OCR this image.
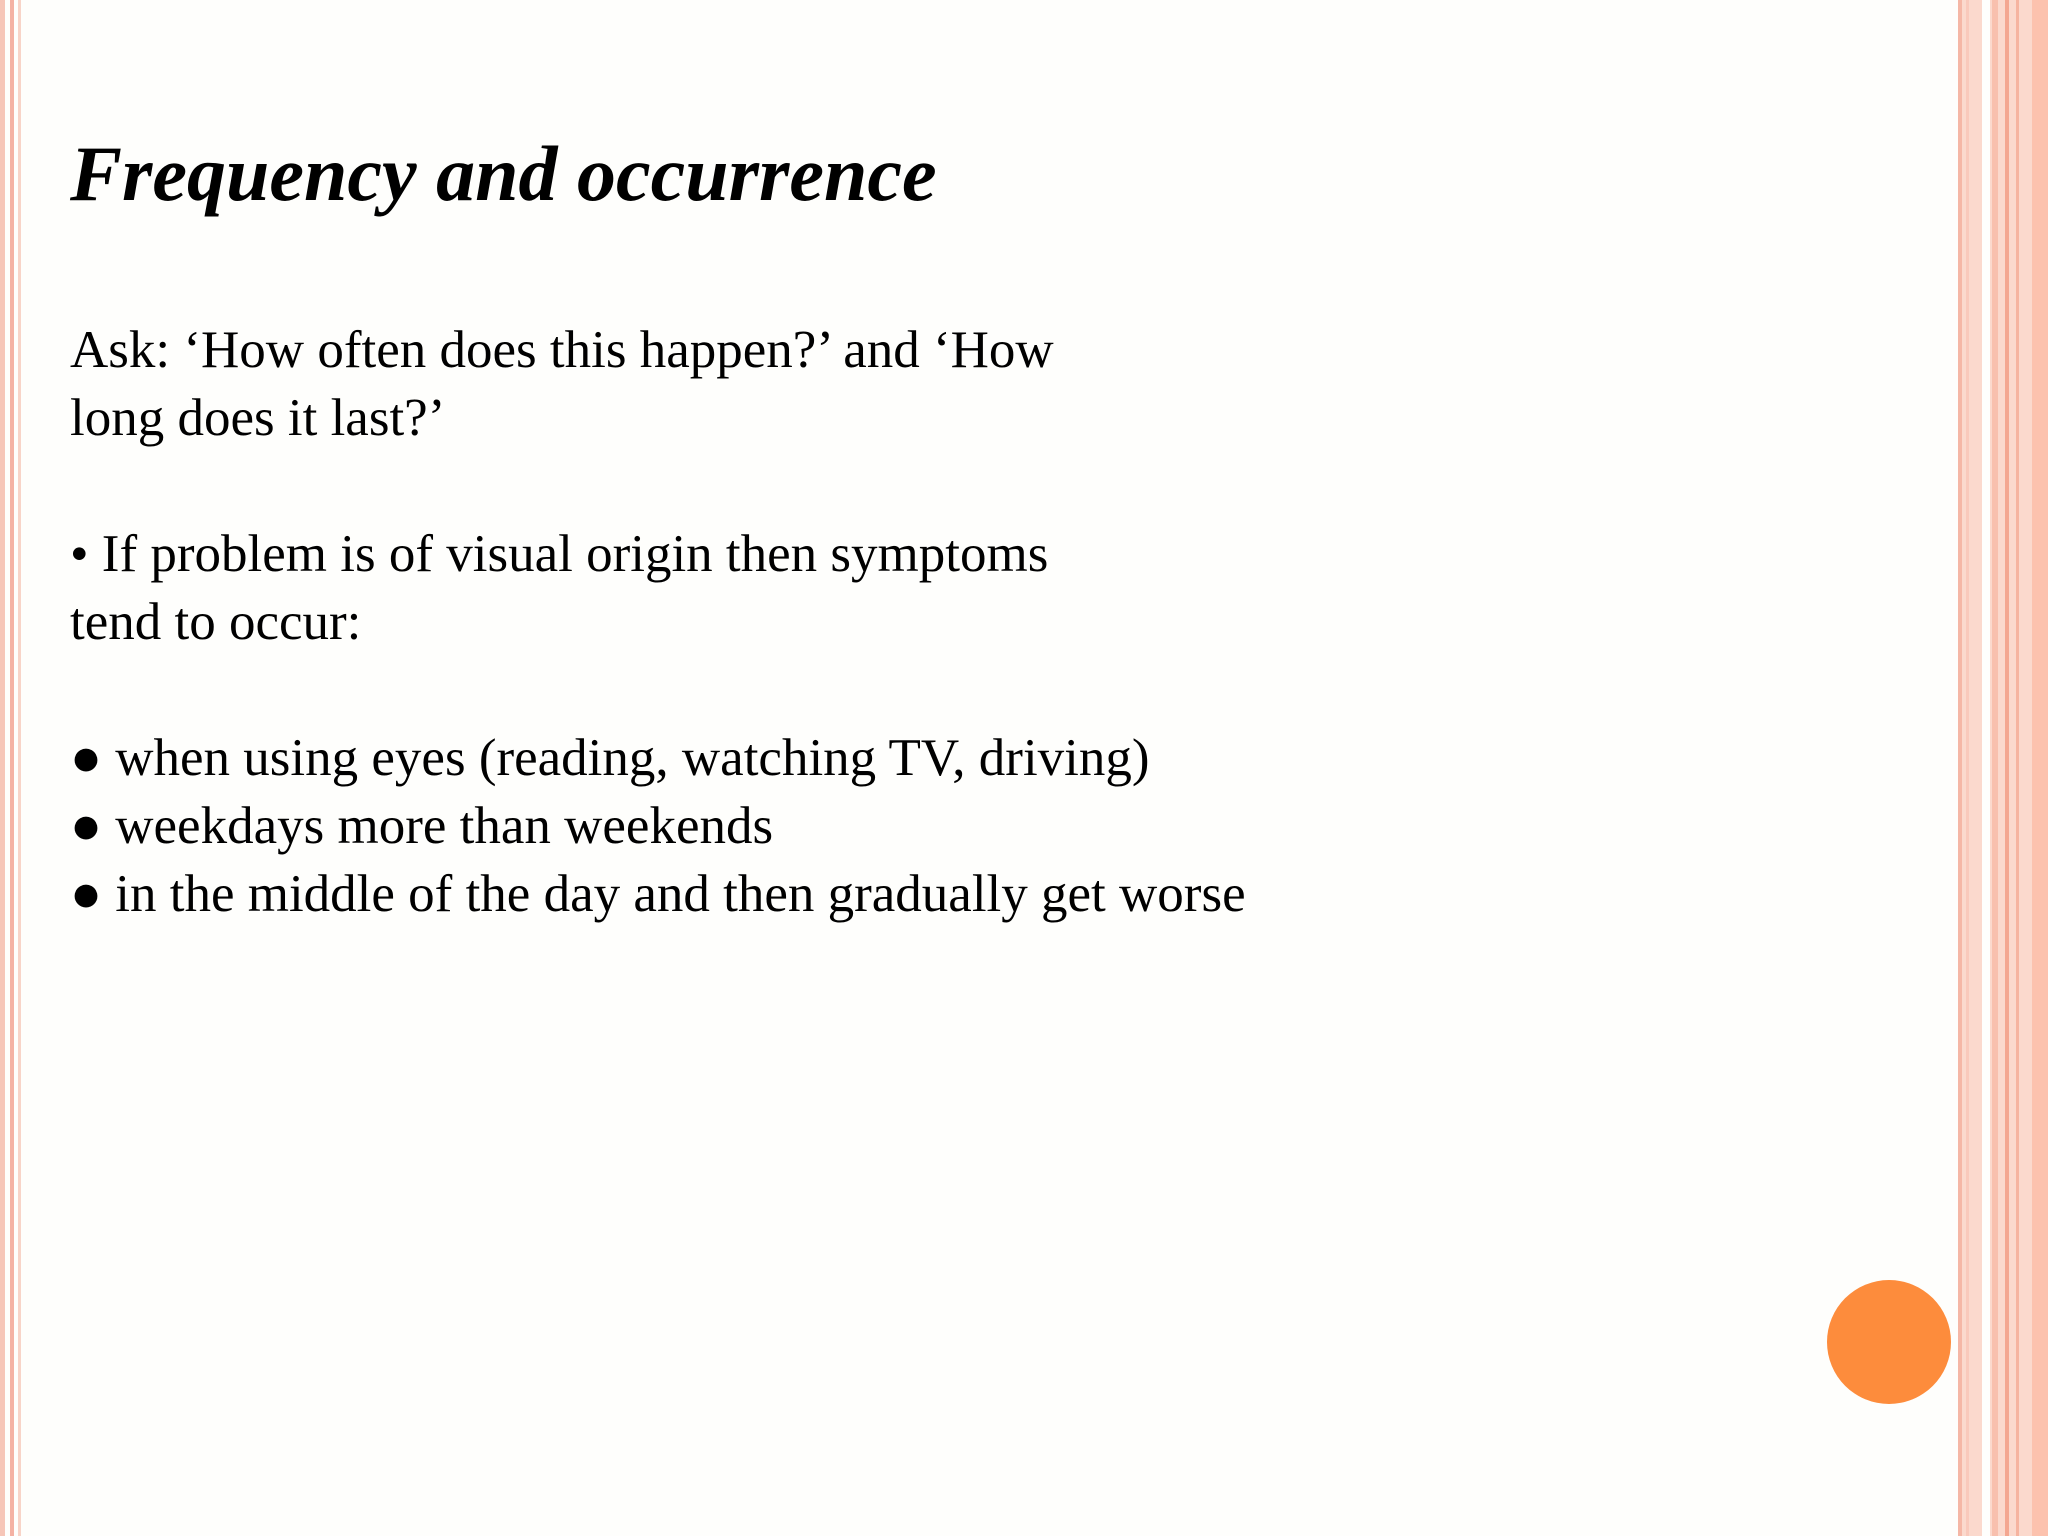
Frequency and occurrence
Ask: ‘How often does this happen?’ and ‘How
long does it last?’
• If problem is of visual origin then symptoms
tend to occur:
● when using eyes (reading, watching TV, driving)
● weekdays more than weekends
● in the middle of the day and then gradually get worse
